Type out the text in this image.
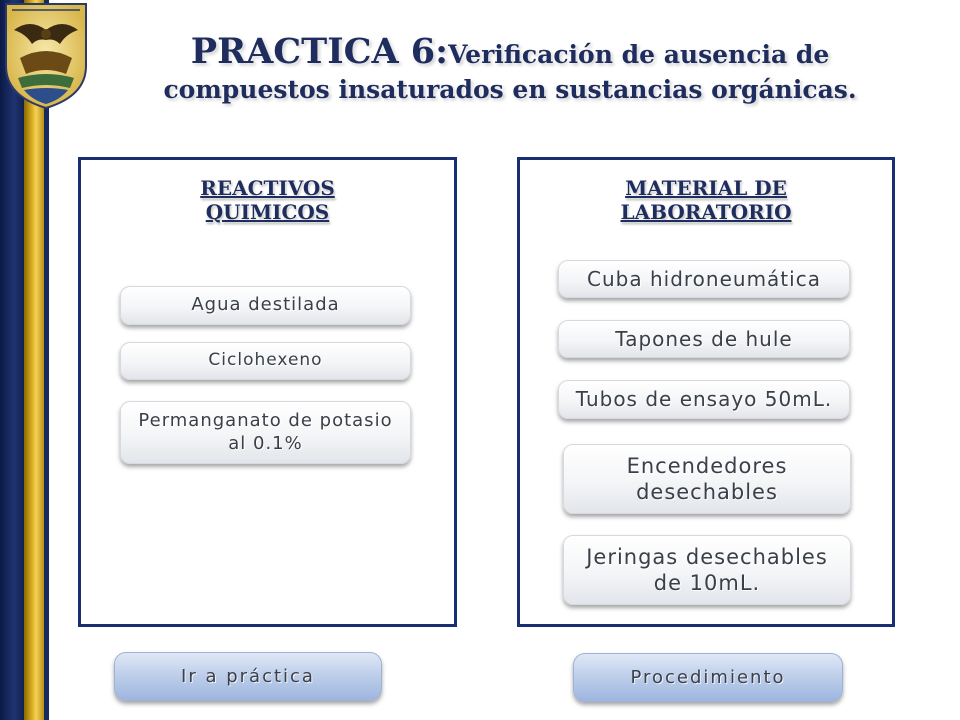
PRACTICA 6:Verificación de ausencia de
compuestos insaturados en sustancias orgánicas.
REACTIVOS
QUIMICOS
Agua destilada
Ciclohexeno
Permanganato de potasio
al 0.1%
MATERIAL DE
LABORATORIO
Cuba hidroneumática
Tapones de hule
Tubos de ensayo 50mL.
Encendedores
desechables
Jeringas desechables
de 10mL.
Ir a práctica	Procedimiento
